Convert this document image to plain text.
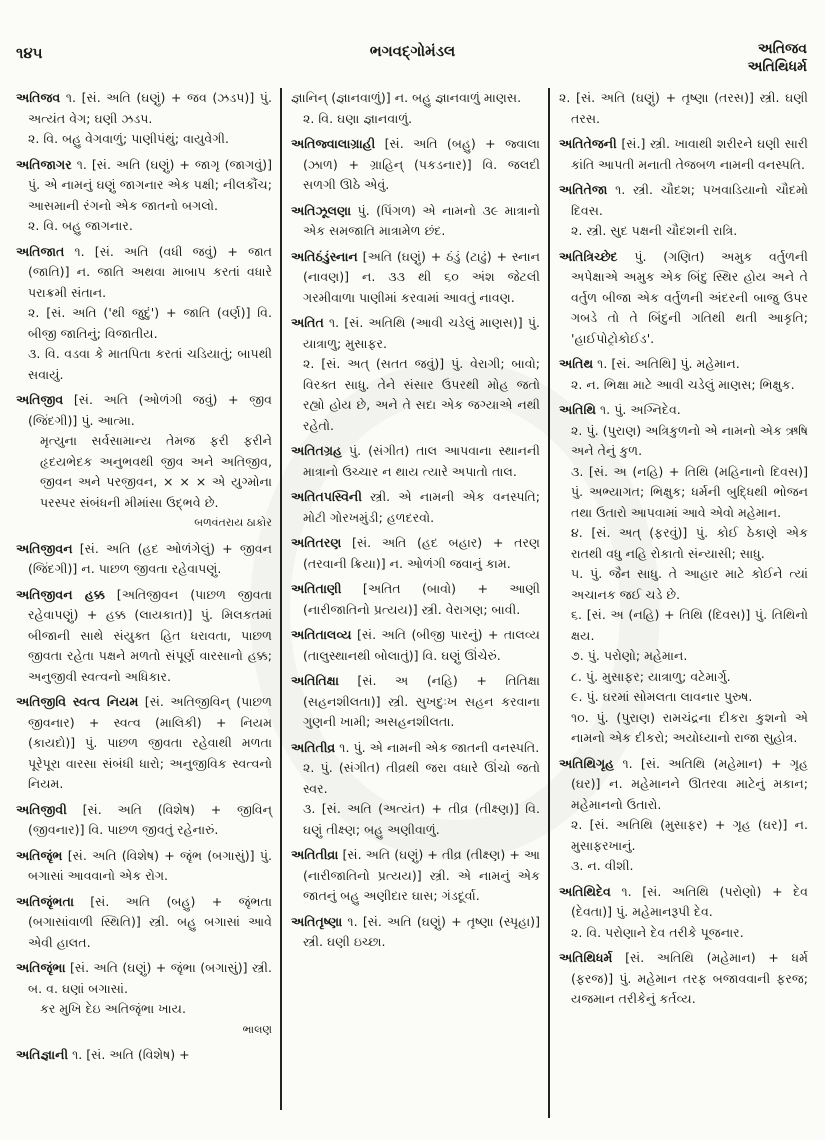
૧૪૫	ભગવદ્ગોમંડલ	અતિજવ
અતિથિધર્મ
અતિજવ ૧. [સં. અતિ (ઘણું) + જવ (ઝડપ)] પું. અત્યંત વેગ; ઘણી ઝડપ.
૨. વિ. બહુ વેગવાળું; પાણીપંથું; વાયુવેગી.
અતિજાગર ૧. [સં. અતિ (ઘણું) + જાગૃ (જાગવું)] પું. એ નામનું ઘણું જાગનાર એક પક્ષી; નીલકૌંચ; આસમાની રંગનો એક જાતનો બગલો.
૨. વિ. બહુ જાગનાર.
અતિજાત ૧. [સં. અતિ (વધી જવું) + જાત (જાતિ)] ન. જાતિ અથવા માબાપ કરતાં વધારે પરાક્રમી સંતાન.
૨. [સં. અતિ ('થી જુદું') + જાતિ (વર્ણ)] વિ. બીજી જાતિનું; વિજાતીય.
૩. વિ. વડવા કે માતપિતા કરતાં ચડિયાતું; બાપથી સવાયું.
અતિજીવ [સં. અતિ (ઓળંગી જવું) + જીવ (જિંદગી)] પું. આત્મા.
મૃત્યુના સર્વસામાન્ય તેમજ ફરી ફરીને હૃદયભેદક અનુભવથી જીવ અને અતિજીવ, જીવન અને પરજીવન, × × × એ યુગ્મોના પરસ્પર સંબંધની મીમાંસા ઉદ્ભવે છે.
બળવંતરાય ઠાકોર
અતિજીવન [સં. અતિ (હદ ઓળંગેલું) + જીવન (જિંદગી)] ન. પાછળ જીવતા રહેવાપણું.
અતિજીવન હક્ક [અતિજીવન (પાછળ જીવતા રહેવાપણું) + હક્ક (લાયકાત)] પું. મિલકતમાં બીજાની સાથે સંયુક્ત હિત ધરાવતા, પાછળ જીવતા રહેતા પક્ષને મળતો સંપૂર્ણ વારસાનો હક્ક; અનુજીવી સ્વત્વનો અધિકાર.
અતિજીવિ સ્વત્વ નિયમ [સં. અતિજીવિન્ (પાછળ જીવનાર) + સ્વત્વ (માલિકી) + નિયમ (કાયદો)] પું. પાછળ જીવતા રહેવાથી મળતા પૂરેપૂરા વારસા સંબંધી ધારો; અનુજીવિક સ્વત્વનો નિયમ.
અતિજીવી [સં. અતિ (વિશેષ) + જીવિન્ (જીવનાર)] વિ. પાછળ જીવતું રહેનારું.
અતિજૃંભ [સં. અતિ (વિશેષ) + જૃંભ (બગાસું)] પું. બગાસાં આવવાનો એક રોગ.
અતિજૃંભતા [સં. અતિ (બહુ) + જૃંભતા (બગાસાંવાળી સ્થિતિ)] સ્ત્રી. બહુ બગાસાં આવે એવી હાલત.
અતિજૃંભા [સં. અતિ (ઘણું) + જૃંભા (બગાસું)] સ્ત્રી. બ. વ. ઘણાં બગાસાં.
કર મુખિ દેઇ અતિજૃંભા ખાય.
ભાલણ
અતિજ્ઞાની ૧. [સં. અતિ (વિશેષ) +
જ્ઞાનિન્ (જ્ઞાનવાળું)] ન. બહુ જ્ઞાનવાળું માણસ.
૨. વિ. ઘણા જ્ઞાનવાળું.
અતિજ્વાલાગ્રાહી [સં. અતિ (બહુ) + જ્વાલા (ઝાળ) + ગ્રાહિન્ (પકડનાર)] વિ. જલદી સળગી ઊઠે એવું.
અતિઝૂલણા પું. (પિંગળ) એ નામનો ૩૯ માત્રાનો એક સમજાતિ માત્રામેળ છંદ.
અતિઠંડુંસ્નાન [અતિ (ઘણું) + ઠંડું (ટાઢું) + સ્નાન (નાવણ)] ન. ૩૩ થી ૬૦ અંશ જેટલી ગરમીવાળા પાણીમાં કરવામાં આવતું નાવણ.
અતિત ૧. [સં. અતિથિ (આવી ચડેલું માણસ)] પું. યાત્રાળુ; મુસાફર.
૨. [સં. અત્ (સતત જવું)] પું. વેરાગી; બાવો; વિરક્ત સાધુ. તેને સંસાર ઉપરથી મોહ જતો રહ્યો હોય છે, અને તે સદા એક જગ્યાએ નથી રહેતો.
અતિતગ્રહ પું. (સંગીત) તાલ આપવાના સ્થાનની માત્રાનો ઉચ્ચાર ન થાય ત્યારે અપાતો તાલ.
અતિતપસ્વિની સ્ત્રી. એ નામની એક વનસ્પતિ; મોટી ગોરખમુંડી; હળદરવો.
અતિતરણ [સં. અતિ (હદ બહાર) + તરણ (તરવાની ક્રિયા)] ન. ઓળંગી જવાનું કામ.
અતિતાણી [અતિત (બાવો) + આણી (નારીજાતિનો પ્રત્યય)] સ્ત્રી. વેરાગણ; બાવી.
અતિતાલવ્ય [સં. અતિ (બીજી પારનું) + તાલવ્ય (તાલુસ્થાનથી બોલાતું)] વિ. ઘણું ઊંચેરું.
અતિતિક્ષા [સં. અ (નહિ) + તિતિક્ષા (સહનશીલતા)] સ્ત્રી. સુખદુઃખ સહન કરવાના ગુણની ખામી; અસહનશીલતા.
અતિતીવ્ર ૧. પું. એ નામની એક જાતની વનસ્પતિ.
૨. પું. (સંગીત) તીવ્રથી જરા વધારે ઊંચો જતો સ્વર.
૩. [સં. અતિ (અત્યંત) + તીવ્ર (તીક્ષ્ણ)] વિ. ઘણું તીક્ષ્ણ; બહુ અણીવાળું.
અતિતીવ્રા [સં. અતિ (ઘણું) + તીવ્ર (તીક્ષ્ણ) + આ (નારીજાતિનો પ્રત્યય)] સ્ત્રી. એ નામનું એક જાતનું બહુ અણીદાર ઘાસ; ગંડદૂર્વા.
અતિતૃષ્ણા ૧. [સં. અતિ (ઘણું) + તૃષ્ણા (સ્પૃહા)] સ્ત્રી. ઘણી ઇચ્છા.
૨. [સં. અતિ (ઘણું) + તૃષ્ણા (તરસ)] સ્ત્રી. ઘણી તરસ.
અતિતેજની [સં.] સ્ત્રી. ખાવાથી શરીરને ઘણી સારી કાંતિ આપતી મનાતી તેજબળ નામની વનસ્પતિ.
અતિતેજા ૧. સ્ત્રી. ચૌદશ; પખવાડિયાનો ચૌદમો દિવસ.
૨. સ્ત્રી. સુદ પક્ષની ચૌદશની રાત્રિ.
અતિત્રિચ્છેદ પું. (ગણિત) અમુક વર્તુળની અપેક્ષાએ અમુક એક બિંદુ સ્થિર હોય અને તે વર્તુળ બીજા એક વર્તુળની અંદરની બાજુ ઉપર ગબડે તો તે બિંદુની ગતિથી થતી આકૃતિ; 'હાઈપોટ્રોકોઈડ'.
અતિથ ૧. [સં. અતિથિ] પું. મહેમાન.
૨. ન. ભિક્ષા માટે આવી ચડેલું માણસ; ભિક્ષુક.
અતિથિ ૧. પું. અગ્નિદેવ.
૨. પું. (પુરાણ) અત્રિકુળનો એ નામનો એક ઋષિ અને તેનું કુળ.
૩. [સં. અ (નહિ) + તિથિ (મહિનાનો દિવસ)] પું. અભ્યાગત; ભિક્ષુક; ધર્મની બુદ્ધિથી ભોજન તથા ઉતારો આપવામાં આવે એવો મહેમાન.
૪. [સં. અત્ (ફરવું)] પું. કોઈ ઠેકાણે એક રાતથી વધુ નહિ રોકાતો સંન્યાસી; સાધુ.
૫. પું. જૈન સાધુ. તે આહાર માટે કોઈને ત્યાં અચાનક જઈ ચડે છે.
૬. [સં. અ (નહિ) + તિથિ (દિવસ)] પું. તિથિનો ક્ષય.
૭. પું. પરોણો; મહેમાન.
૮. પું. મુસાફર; યાત્રાળુ; વટેમાર્ગુ.
૯. પું. ઘરમાં સોમલતા લાવનાર પુરુષ.
૧૦. પું. (પુરાણ) રામચંદ્રના દીકરા કુશનો એ નામનો એક દીકરો; અયોધ્યાનો રાજા સુહોત્ર.
અતિથિગૃહ ૧. [સં. અતિથિ (મહેમાન) + ગૃહ (ઘર)] ન. મહેમાનને ઊતરવા માટેનું મકાન; મહેમાનનો ઉતારો.
૨. [સં. અતિથિ (મુસાફર) + ગૃહ (ઘર)] ન. મુસાફરખાનું.
૩. ન. વીશી.
અતિથિદેવ ૧. [સં. અતિથિ (પરોણો) + દેવ (દેવતા)] પું. મહેમાનરૂપી દેવ.
૨. વિ. પરોણાને દેવ તરીકે પૂજનાર.
અતિથિધર્મ [સં. અતિથિ (મહેમાન) + ધર્મ (ફરજ)] પું. મહેમાન તરફ બજાવવાની ફરજ; યજમાન તરીકેનું કર્તવ્ય.
